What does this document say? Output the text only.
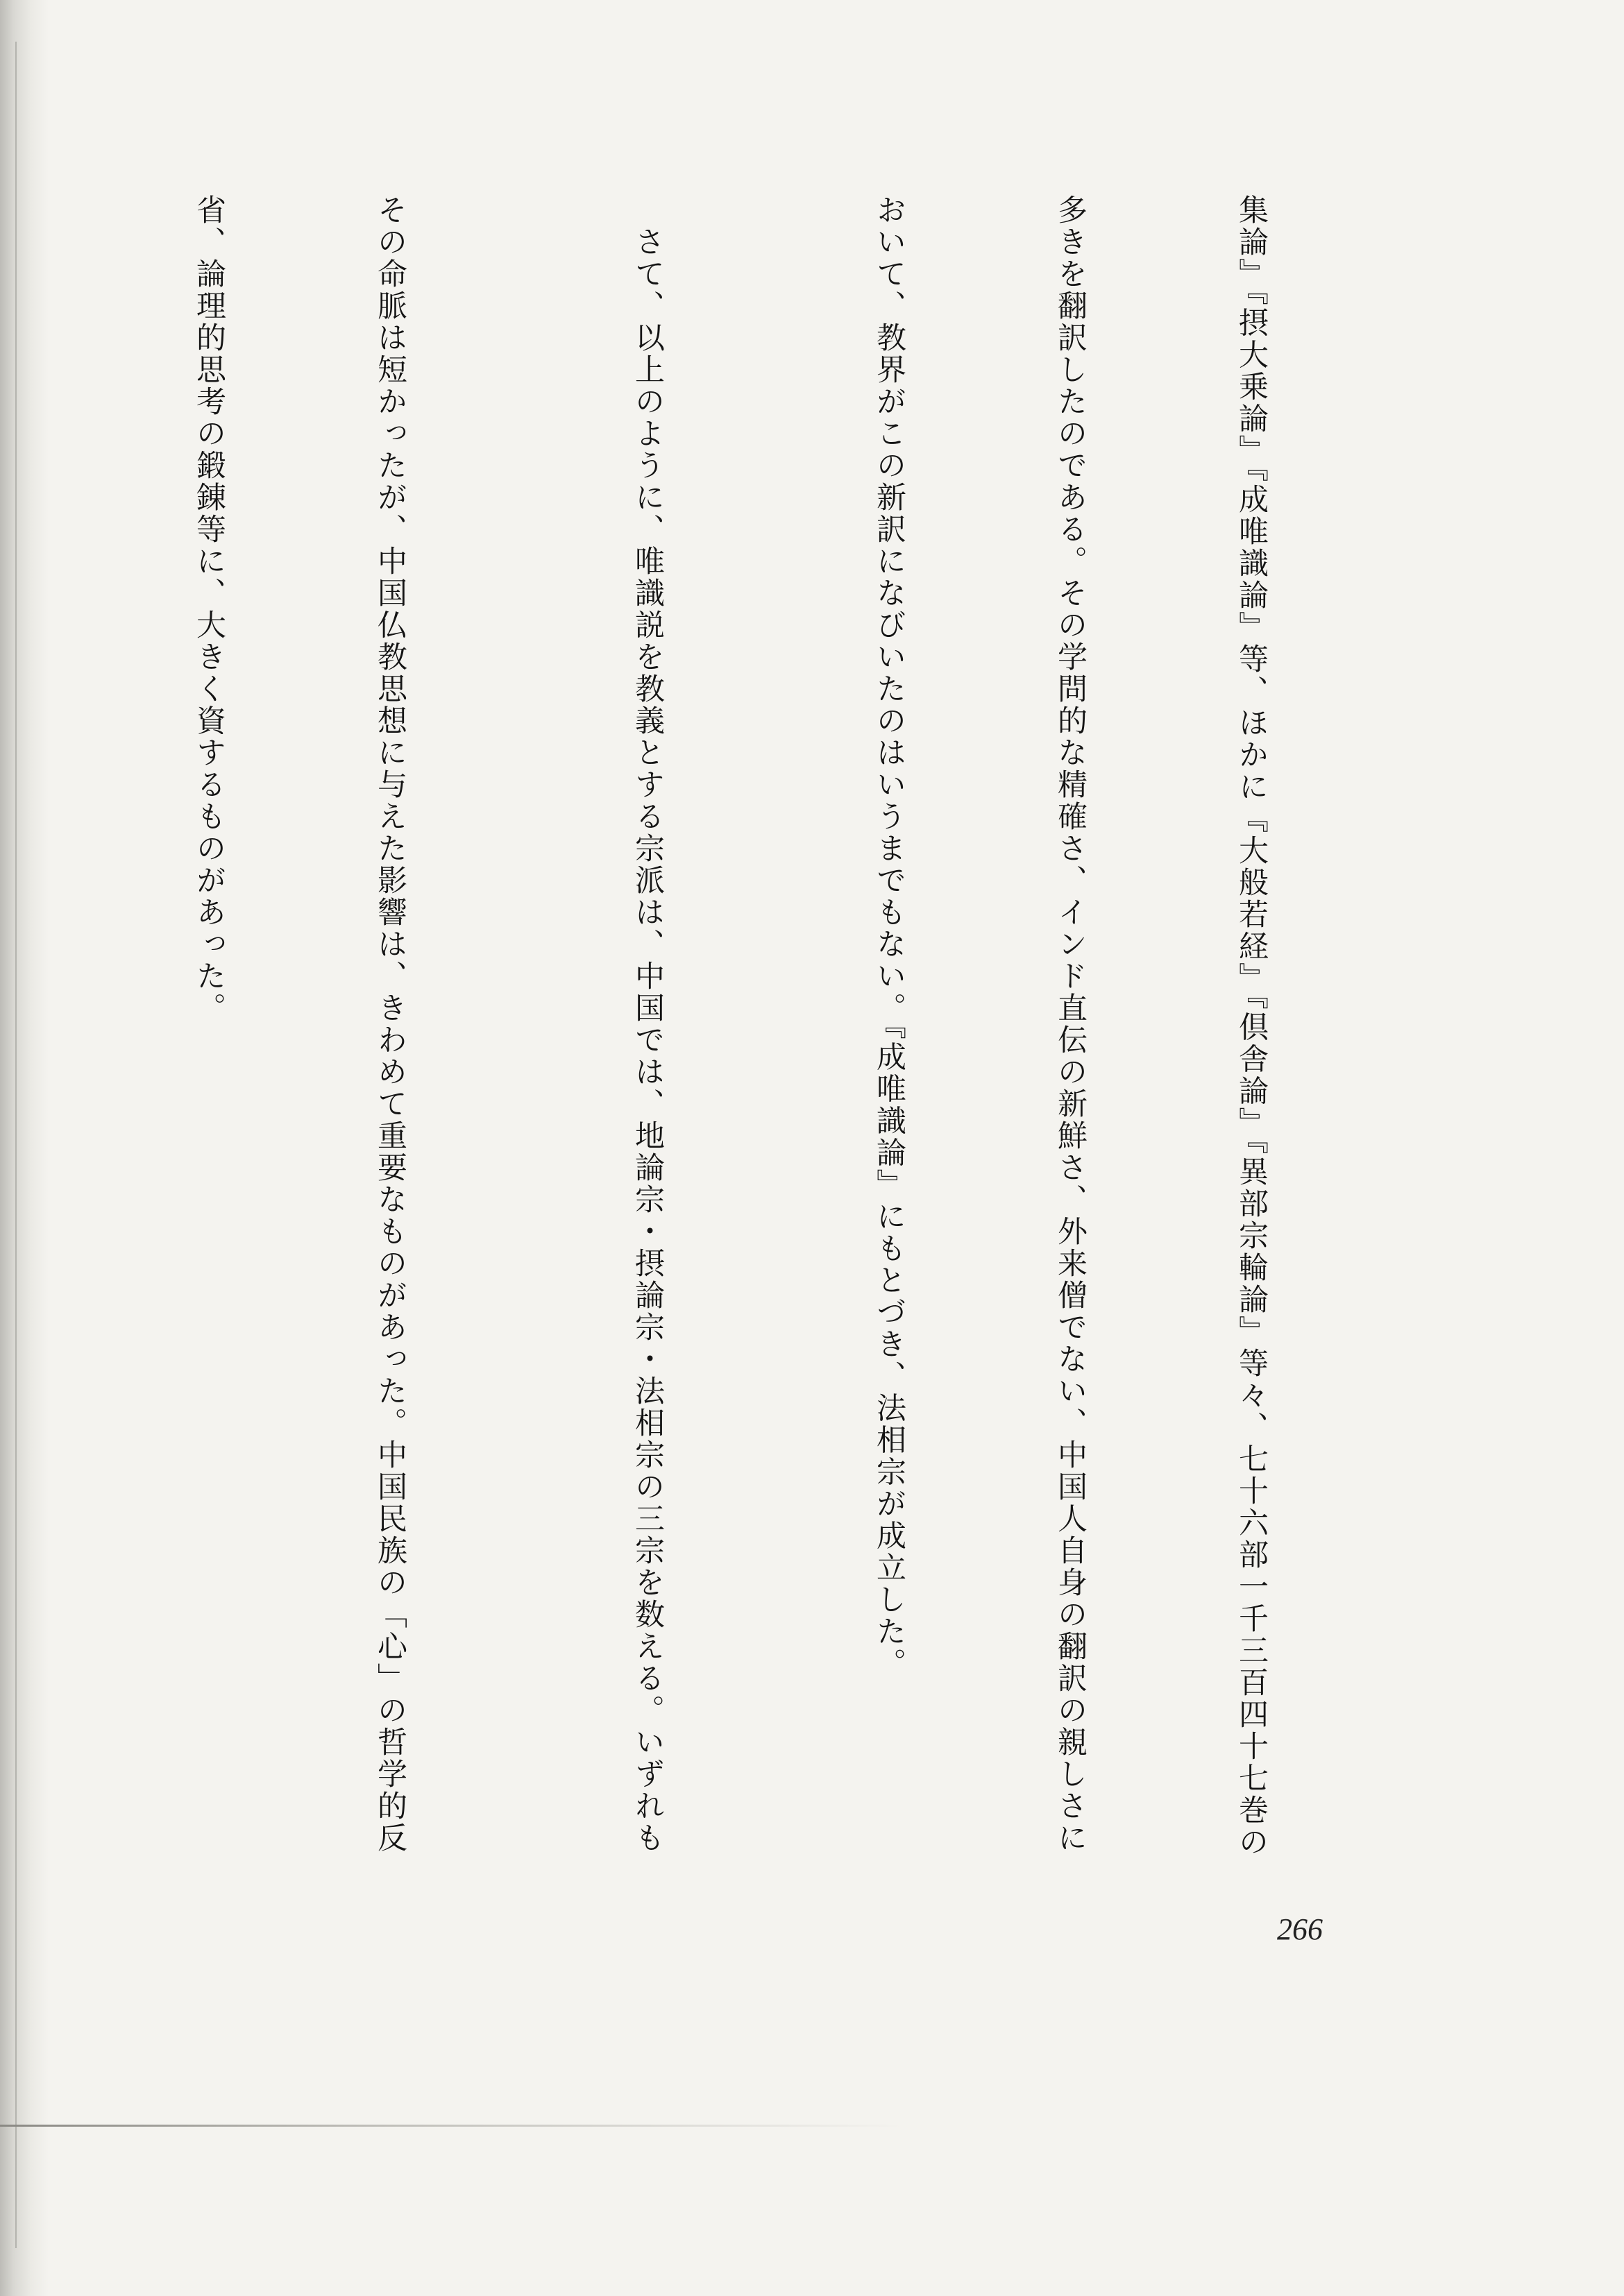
集論』『摂大乗論』『成唯識論』等、ほかに『大般若経』『倶舎論』『異部宗輪論』等々、七十六部一千三百四十七巻の

多きを翻訳したのである。その学問的な精確さ、インド直伝の新鮮さ、外来僧でない、中国人自身の翻訳の親しさに

おいて、教界がこの新訳になびいたのはいうまでもない。『成唯識論』にもとづき、法相宗が成立した。

　さて、以上のように、唯識説を教義とする宗派は、中国では、地論宗・摂論宗・法相宗の三宗を数える。いずれも

その命脈は短かったが、中国仏教思想に与えた影響は、きわめて重要なものがあった。中国民族の「心」の哲学的反

省、論理的思考の鍛錬等に、大きく資するものがあった。

266
